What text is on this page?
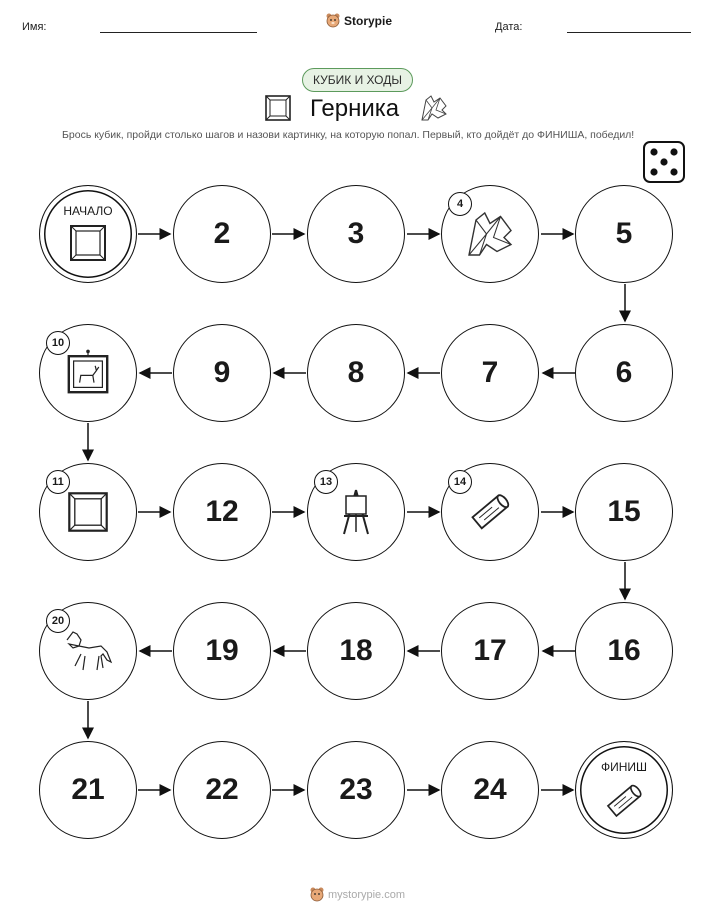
Имя:	Storypie	Дата:
КУБИК И ХОДЫ
Герника
Брось кубик, пройди столько шагов и назови картинку, на которую попал. Первый, кто дойдёт до ФИНИША, победил!
НАЧАЛО
2	3
4
5
10
9	8	7	6
11
12
13	14
15
20
19	18	17	16
21	22	23	24
ФИНИШ
mystorypie.com
